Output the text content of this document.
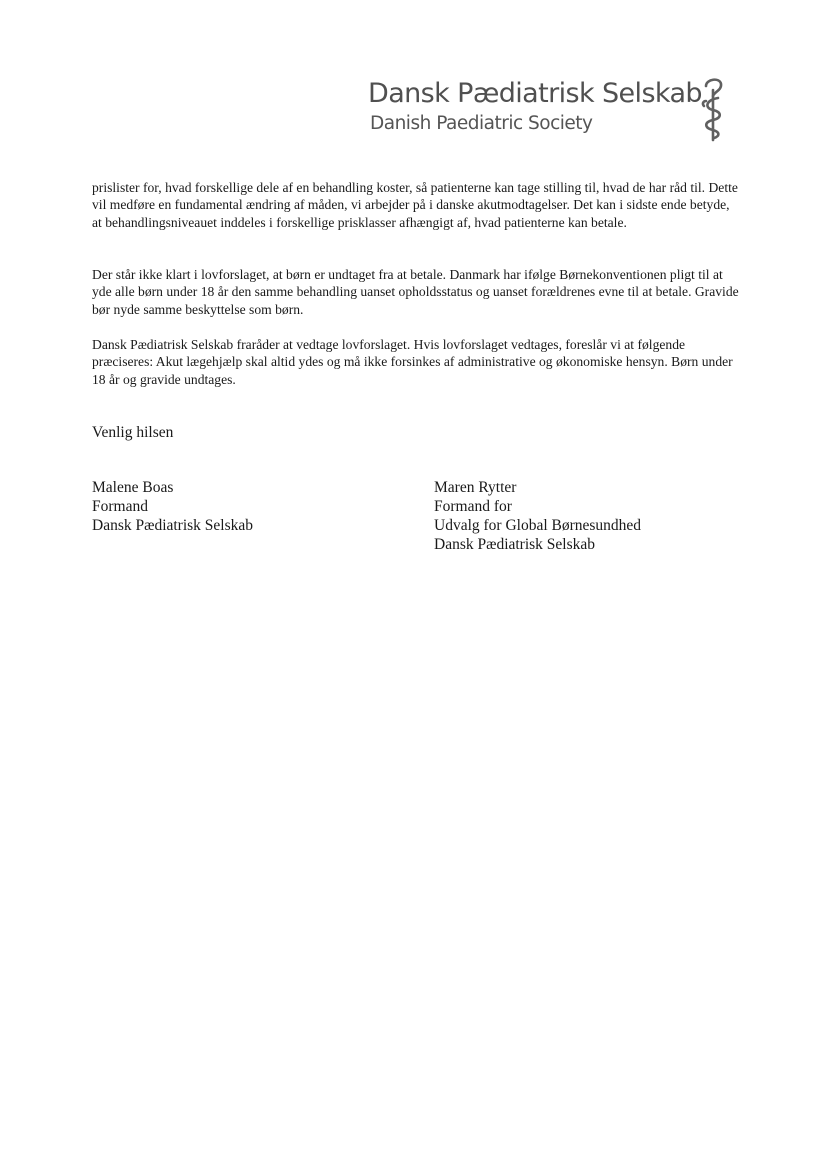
Dansk Pædiatrisk Selskab
Danish Paediatric Society

prislister for, hvad forskellige dele af en behandling koster, så patienterne kan tage stilling til, hvad de har råd til. Dette vil medføre en fundamental ændring af måden, vi arbejder på i danske akutmodtagelser. Det kan i sidste ende betyde, at behandlingsniveauet inddeles i forskellige prisklasser afhængigt af, hvad patienterne kan betale.

Der står ikke klart i lovforslaget, at børn er undtaget fra at betale. Danmark har ifølge Børnekonventionen pligt til at yde alle børn under 18 år den samme behandling uanset opholdsstatus og uanset forældrenes evne til at betale. Gravide bør nyde samme beskyttelse som børn.

Dansk Pædiatrisk Selskab fraråder at vedtage lovforslaget. Hvis lovforslaget vedtages, foreslår vi at følgende præciseres: Akut lægehjælp skal altid ydes og må ikke forsinkes af administrative og økonomiske hensyn. Børn under 18 år og gravide undtages.

Venlig hilsen
Malene Boas
Formand
Dansk Pædiatrisk Selskab
Maren Rytter
Formand for
Udvalg for Global Børnesundhed
Dansk Pædiatrisk Selskab
